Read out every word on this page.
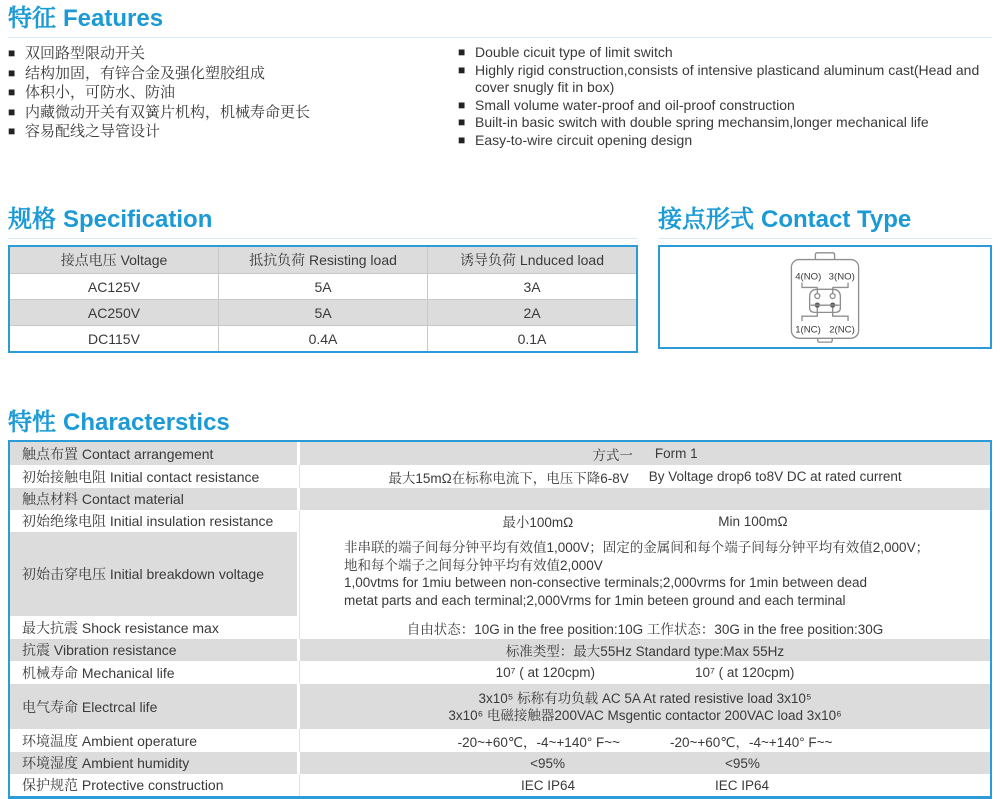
特征 Features
■ 双回路型限动开关
■ 结构加固，有锌合金及强化塑胶组成
■ 体积小，可防水、防油
■ 内藏微动开关有双簧片机构，机械寿命更长
■ 容易配线之导管设计
■ Double cicuit type of limit switch
■ Highly rigid construction,consists of intensive plasticand aluminum cast(Head and cover snugly fit in box)
■ Small volume water-proof and oil-proof construction
■ Built-in basic switch with double spring mechansim,longer mechanical life
■ Easy-to-wire circuit opening design
规格 Specification
接点电压 Voltage	抵抗负荷 Resisting load	诱导负荷 Lnduced load
AC125V	5A	3A
AC250V	5A	2A
DC115V	0.4A	0.1A
接点形式 Contact Type
4(NO) 3(NO)
1(NC) 2(NC)
特性 Characterstics
触点布置 Contact arrangement	方式一 Form 1
初始接触电阻 Initial contact resistance	最大15mΩ在标称电流下，电压下降6-8V By Voltage drop6 to8V DC at rated current
触点材料 Contact material
初始绝缘电阻 Initial insulation resistance	最小100mΩ	Min 100mΩ
初始击穿电压 Initial breakdown voltage
非串联的端子间每分钟平均有效值1,000V；固定的金属间和每个端子间每分钟平均有效值2,000V；
地和每个端子之间每分钟平均有效值2,000V
1,00vtms for 1miu between non-consective terminals;2,000vrms for 1min between dead
metat parts and each terminal;2,000Vrms for 1min beteen ground and each terminal
最大抗震 Shock resistance max	自由状态：10G in the free position:10G 工作状态：30G in the free position:30G
抗震 Vibration resistance	标准类型：最大55Hz Standard type:Max 55Hz
机械寿命 Mechanical life	10⁷ ( at 120cpm)	10⁷ ( at 120cpm)
电气寿命 Electrcal life
3x10⁵ 标称有功负载 AC 5A At rated resistive load 3x10⁵
3x10⁶ 电磁接触器200VAC Msgentic contactor 200VAC load 3x10⁶
环境温度 Ambient operature	-20~+60℃，-4~+140° F~~	-20~+60℃，-4~+140° F~~
环境湿度 Ambient humidity	<95%	<95%
保护规范 Protective construction	IEC IP64	IEC IP64
